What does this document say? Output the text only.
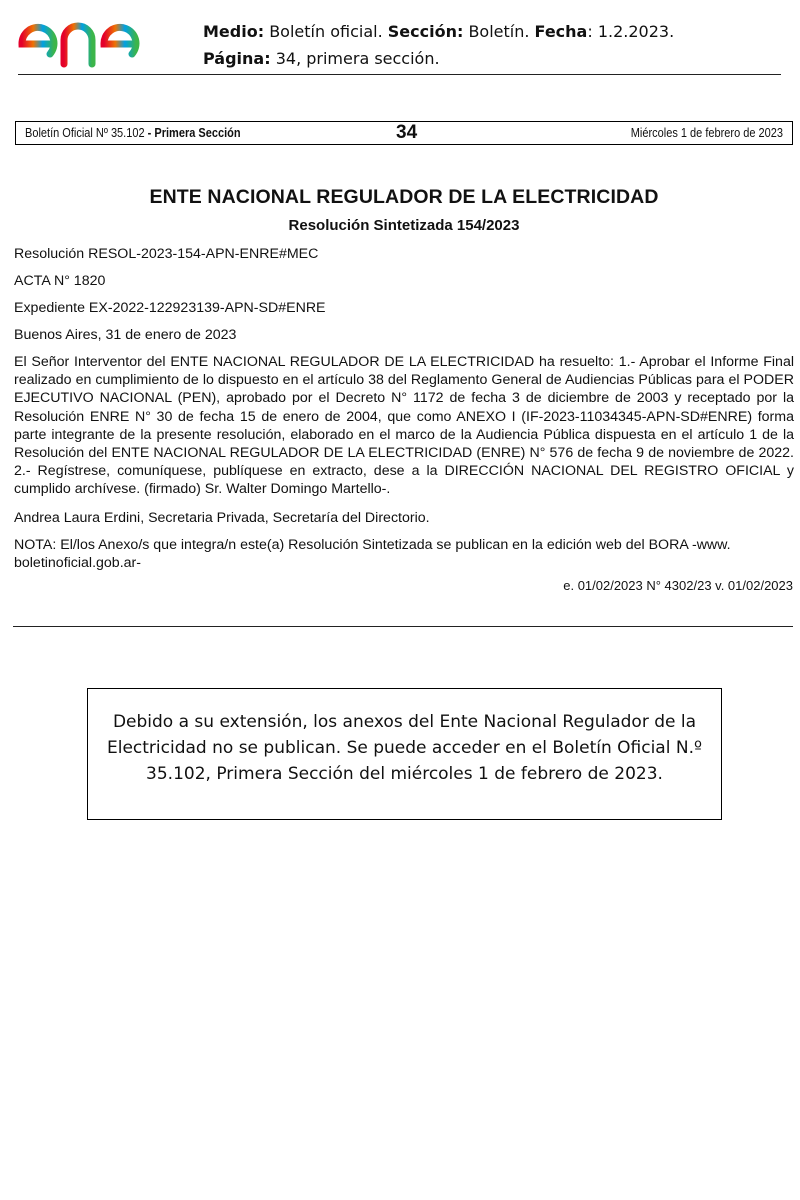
Medio: Boletín oficial. Sección: Boletín. Fecha: 1.2.2023.
Página: 34, primera sección.
Boletín Oficial Nº 35.102 - Primera Sección	34	Miércoles 1 de febrero de 2023
ENTE NACIONAL REGULADOR DE LA ELECTRICIDAD
Resolución Sintetizada 154/2023
Resolución RESOL-2023-154-APN-ENRE#MEC
ACTA N° 1820
Expediente EX-2022-122923139-APN-SD#ENRE
Buenos Aires, 31 de enero de 2023
El Señor Interventor del ENTE NACIONAL REGULADOR DE LA ELECTRICIDAD ha resuelto: 1.- Aprobar el Informe Final realizado en cumplimiento de lo dispuesto en el artículo 38 del Reglamento General de Audiencias Públicas para el PODER EJECUTIVO NACIONAL (PEN), aprobado por el Decreto N° 1172 de fecha 3 de diciembre de 2003 y receptado por la Resolución ENRE N° 30 de fecha 15 de enero de 2004, que como ANEXO I (IF-2023-11034345-APN-SD#ENRE) forma parte integrante de la presente resolución, elaborado en el marco de la Audiencia Pública dispuesta en el artículo 1 de la Resolución del ENTE NACIONAL REGULADOR DE LA ELECTRICIDAD (ENRE) N° 576 de fecha 9 de noviembre de 2022. 2.- Regístrese, comuníquese, publíquese en extracto, dese a la DIRECCIÓN NACIONAL DEL REGISTRO OFICIAL y cumplido archívese. (firmado) Sr. Walter Domingo Martello-.
Andrea Laura Erdini, Secretaria Privada, Secretaría del Directorio.
NOTA: El/los Anexo/s que integra/n este(a) Resolución Sintetizada se publican en la edición web del BORA -www. boletinoficial.gob.ar-
e. 01/02/2023 N° 4302/23 v. 01/02/2023
Debido a su extensión, los anexos del Ente Nacional Regulador de la Electricidad no se publican. Se puede acceder en el Boletín Oficial N.º 35.102, Primera Sección del miércoles 1 de febrero de 2023.
